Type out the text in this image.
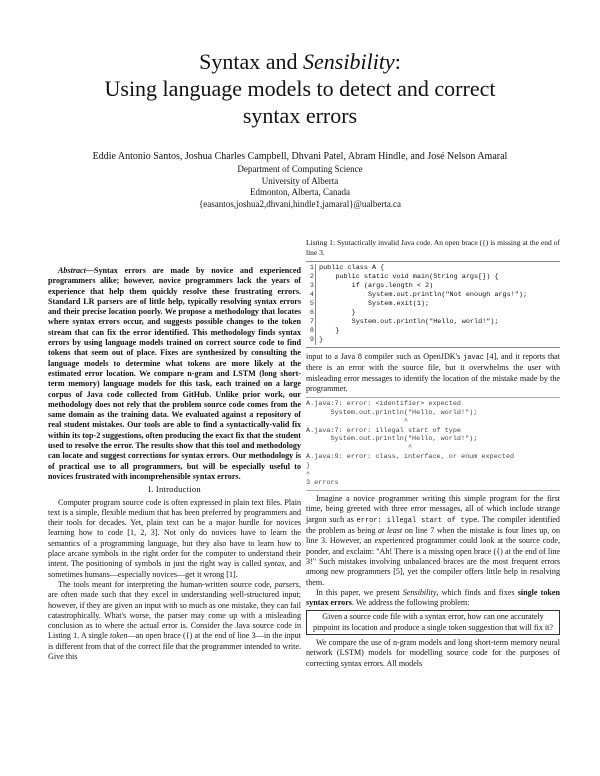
Syntax and Sensibility:
Using language models to detect and correct
syntax errors
Eddie Antonio Santos, Joshua Charles Campbell, Dhvani Patel, Abram Hindle, and José Nelson Amaral
Department of Computing Science
University of Alberta
Edmonton, Alberta, Canada
{easantos,joshua2,dhvani,hindle1,jamaral}@ualberta.ca

Abstract—Syntax errors are made by novice and experienced programmers alike; however, novice programmers lack the years of experience that help them quickly resolve these frustrating errors. Standard LR parsers are of little help, typically resolving syntax errors and their precise location poorly. We propose a methodology that locates where syntax errors occur, and suggests possible changes to the token stream that can fix the error identified. This methodology finds syntax errors by using language models trained on correct source code to find tokens that seem out of place. Fixes are synthesized by consulting the language models to determine what tokens are more likely at the estimated error location. We compare n-gram and LSTM (long short-term memory) language models for this task, each trained on a large corpus of Java code collected from GitHub. Unlike prior work, our methodology does not rely that the problem source code comes from the same domain as the training data. We evaluated against a repository of real student mistakes. Our tools are able to find a syntactically-valid fix within its top-2 suggestions, often producing the exact fix that the student used to resolve the error. The results show that this tool and methodology can locate and suggest corrections for syntax errors. Our methodology is of practical use to all programmers, but will be especially useful to novices frustrated with incomprehensible syntax errors.

I. Introduction

Computer program source code is often expressed in plain text files. Plain text is a simple, flexible medium that has been preferred by programmers and their tools for decades. Yet, plain text can be a major hurdle for novices learning how to code [1, 2, 3]. Not only do novices have to learn the semantics of a programming language, but they also have to learn how to place arcane symbols in the right order for the computer to understand their intent. The positioning of symbols in just the right way is called syntax, and sometimes humans—especially novices—get it wrong [1].

The tools meant for interpreting the human-written source code, parsers, are often made such that they excel in understanding well-structured input; however, if they are given an input with so much as one mistake, they can fail catastrophically. What's worse, the parser may come up with a misleading conclusion as to where the actual error is. Consider the Java source code in Listing 1. A single token—an open brace ({) at the end of line 3—in the input is different from that of the correct file that the programmer intended to write. Give this

Listing 1: Syntactically invalid Java code. An open brace ({) is missing at the end of line 3.

1 public class A {
2 public static void main(String args[]) {
3 if (args.length < 2)
4 System.out.println("Not enough args!");
5 System.exit(1);
6 }
7 System.out.println("Hello, world!");
8 }
9 }

input to a Java 8 compiler such as OpenJDK's javac [4], and it reports that there is an error with the source file, but it overwhelms the user with misleading error messages to identify the location of the mistake made by the programmer.

A.java:7: error: <identifier> expected
System.out.println("Hello, world!");
^
A.java:7: error: illegal start of type
System.out.println("Hello, world!");
^
A.java:9: error: class, interface, or enum expected
}
^
3 errors

Imagine a novice programmer writing this simple program for the first time, being greeted with three error messages, all of which include strange jargon such as error: illegal start of type. The compiler identified the problem as being at least on line 7 when the mistake is four lines up, on line 3. However, an experienced programmer could look at the source code, ponder, and exclaim: "Ah! There is a missing open brace ({) at the end of line 3!" Such mistakes involving unbalanced braces are the most frequent errors among new programmers [5], yet the compiler offers little help in resolving them.

In this paper, we present Sensibility, which finds and fixes single token syntax errors. We address the following problem:

Given a source code file with a syntax error, how can one accurately pinpoint its location and produce a single token suggestion that will fix it?

We compare the use of n-gram models and long short-term memory neural network (LSTM) models for modelling source code for the purposes of correcting syntax errors. All models
